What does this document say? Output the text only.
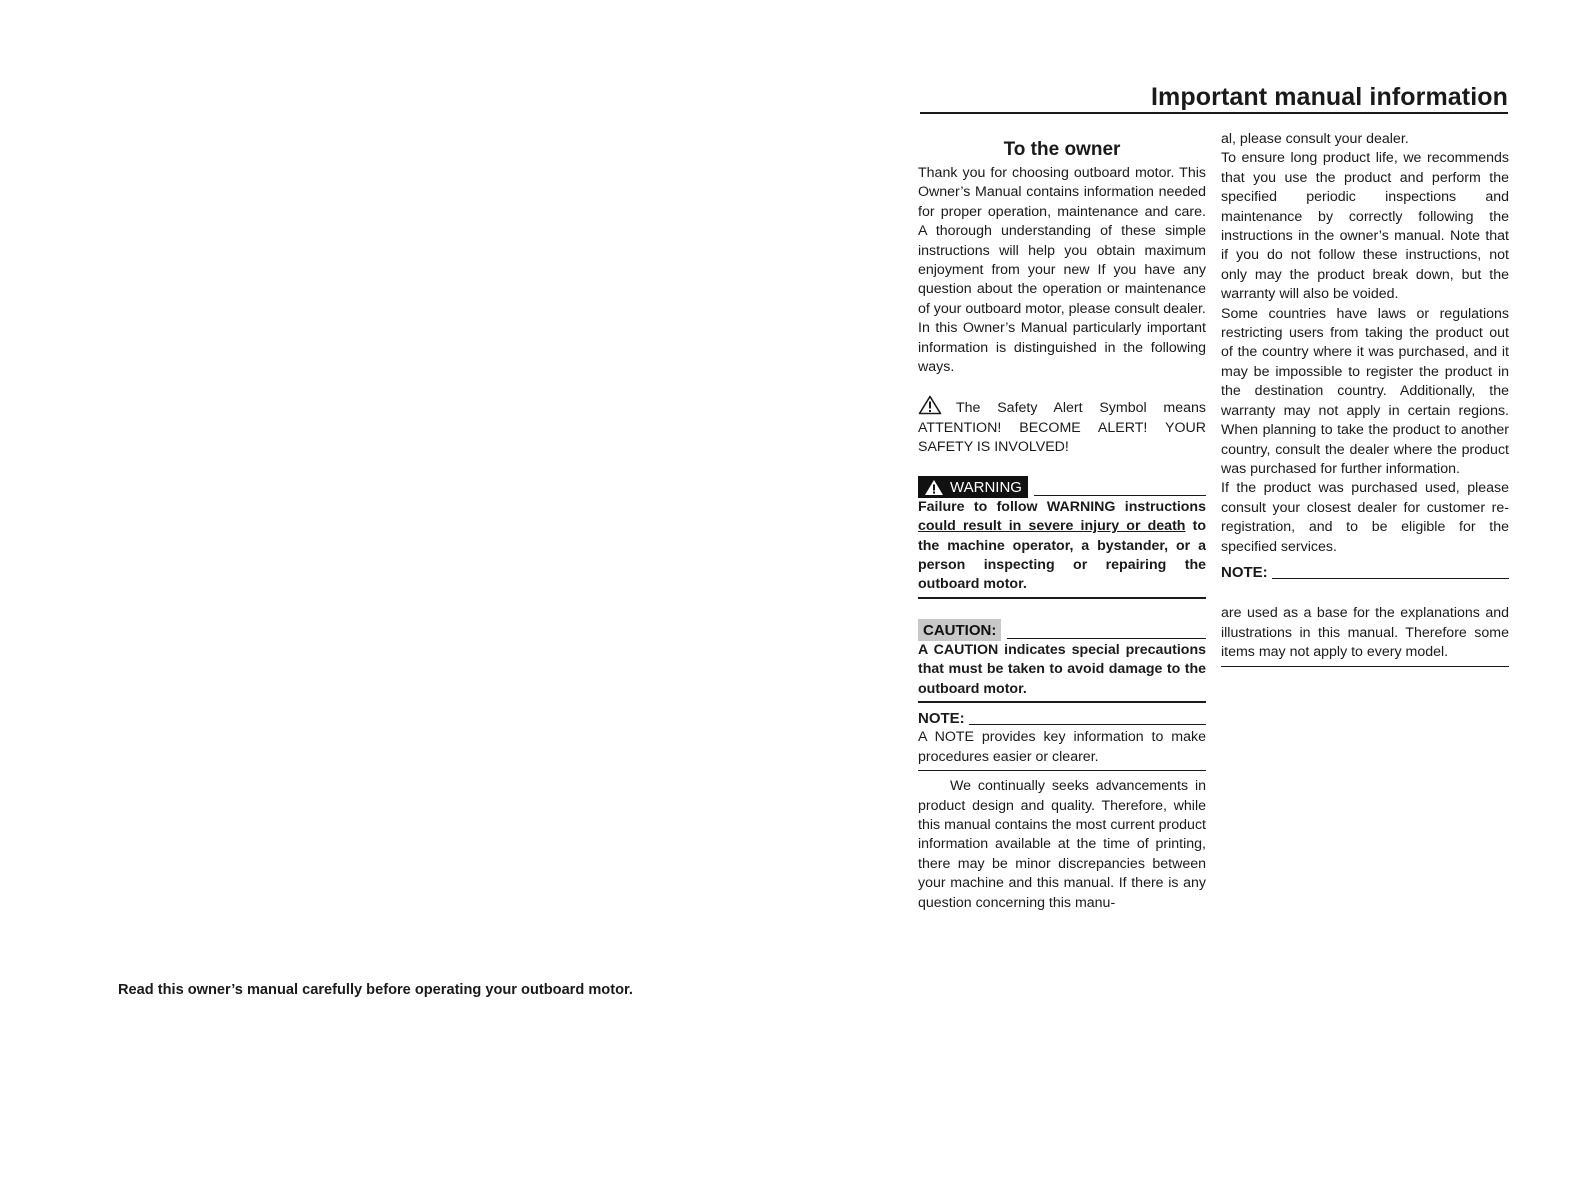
Important manual information
To the owner

Thank you for choosing outboard motor. This Owner’s Manual contains information needed for proper operation, maintenance and care. A thorough understanding of these simple instructions will help you obtain maximum enjoyment from your new If you have any question about the operation or maintenance of your outboard motor, please consult dealer.

In this Owner’s Manual particularly important information is distinguished in the following ways.

The Safety Alert Symbol means ATTENTION! BECOME ALERT! YOUR SAFETY IS INVOLVED!

WARNING

Failure to follow WARNING instructions could result in severe injury or death to the machine operator, a bystander, or a person inspecting or repairing the outboard motor.

CAUTION:

A CAUTION indicates special precautions that must be taken to avoid damage to the outboard motor.

NOTE:

A NOTE provides key information to make procedures easier or clearer.

We continually seeks advancements in product design and quality. Therefore, while this manual contains the most current product information available at the time of printing, there may be minor discrepancies between your machine and this manual. If there is any question concerning this manu-

al, please consult your dealer.

To ensure long product life, we recommends that you use the product and perform the specified periodic inspections and maintenance by correctly following the instructions in the owner’s manual. Note that if you do not follow these instructions, not only may the product break down, but the warranty will also be voided.

Some countries have laws or regulations restricting users from taking the product out of the country where it was purchased, and it may be impossible to register the product in the destination country. Additionally, the warranty may not apply in certain regions. When planning to take the product to another country, consult the dealer where the product was purchased for further information.

If the product was purchased used, please consult your closest dealer for customer re-registration, and to be eligible for the specified services.

NOTE:

are used as a base for the explanations and illustrations in this manual. Therefore some items may not apply to every model.

Read this owner’s manual carefully before operating your outboard motor.
